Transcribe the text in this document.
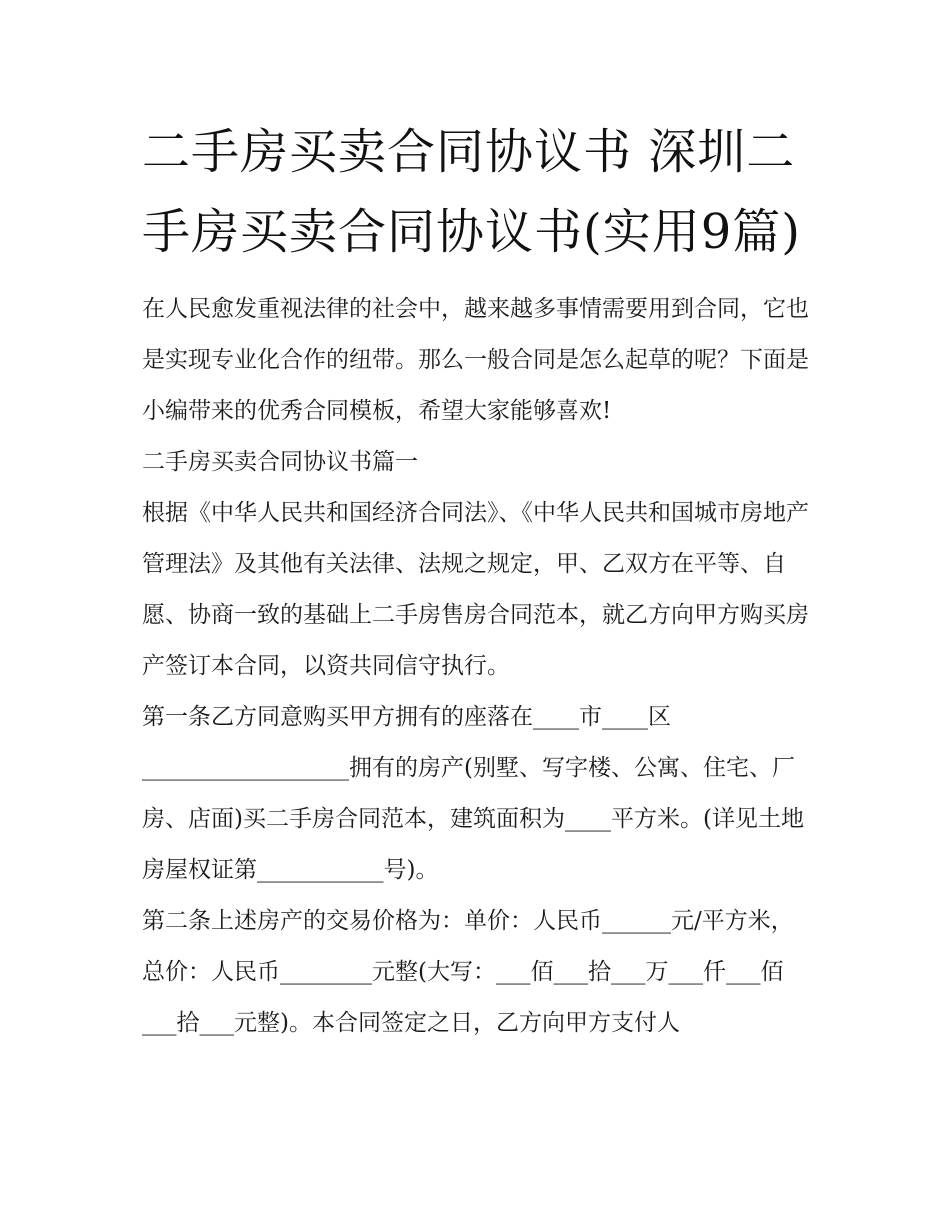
二手房买卖合同协议书 深圳二手房买卖合同协议书(实用9篇)

在人民愈发重视法律的社会中，越来越多事情需要用到合同，它也是实现专业化合作的纽带。那么一般合同是怎么起草的呢？下面是小编带来的优秀合同模板，希望大家能够喜欢!

二手房买卖合同协议书篇一

根据《中华人民共和国经济合同法》、《中华人民共和国城市房地产管理法》及其他有关法律、法规之规定，甲、乙双方在平等、自愿、协商一致的基础上二手房售房合同范本，就乙方向甲方购买房产签订本合同，以资共同信守执行。

第一条乙方同意购买甲方拥有的座落在____市____区__________________拥有的房产(别墅、写字楼、公寓、住宅、厂房、店面)买二手房合同范本，建筑面积为____平方米。(详见土地房屋权证第___________号)。

第二条上述房产的交易价格为：单价：人民币______元/平方米，总价：人民币________元整(大写：___佰___拾___万___仟___佰___拾___元整)。本合同签定之日，乙方向甲方支付人
